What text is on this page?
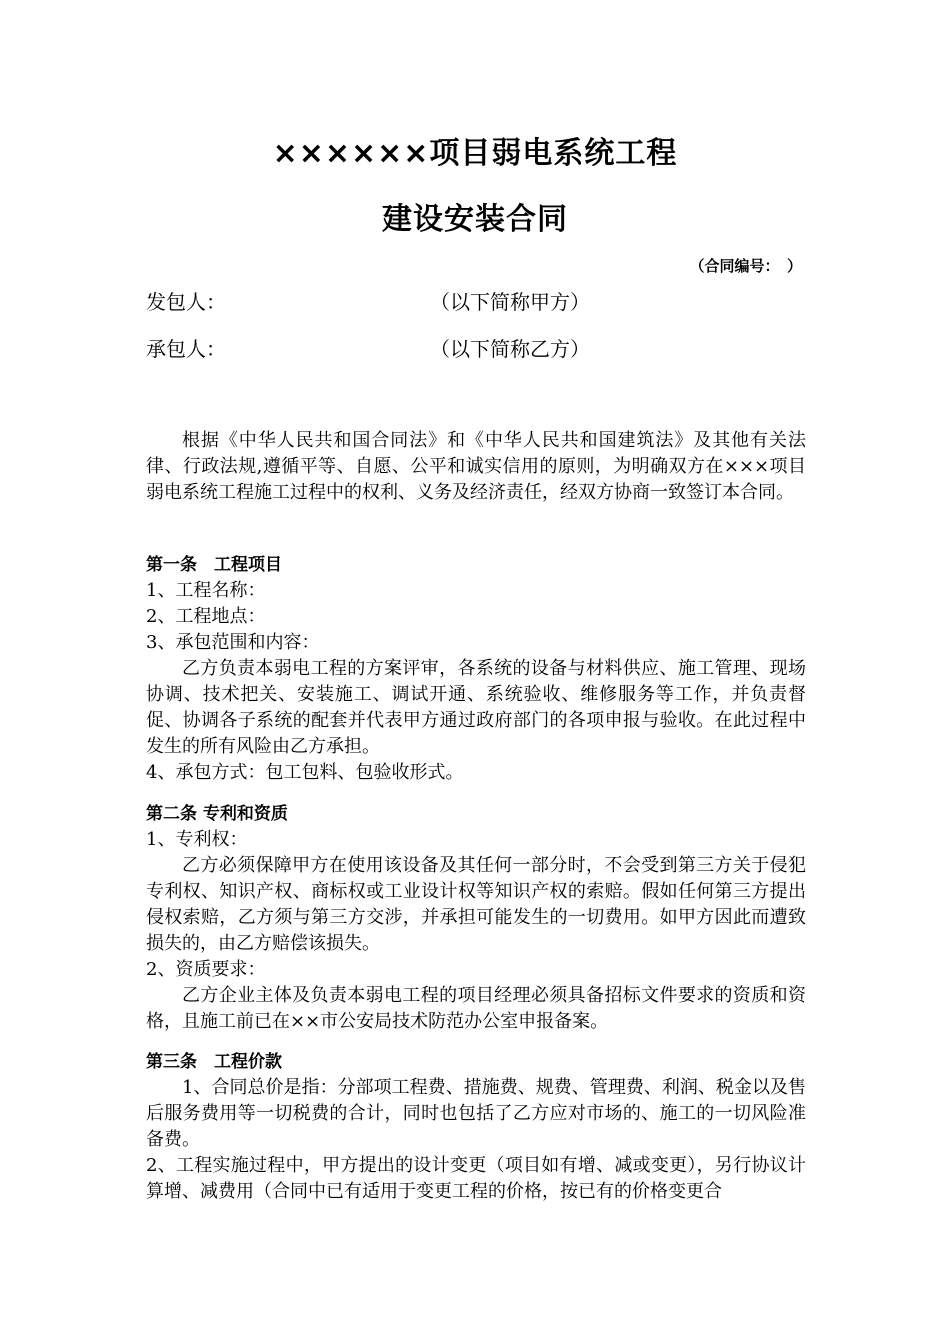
××××××项目弱电系统工程
建设安装合同
（合同编号：　）
发包人：	（以下简称甲方）
承包人：	（以下简称乙方）

根据《中华人民共和国合同法》和《中华人民共和国建筑法》及其他有关法律、行政法规,遵循平等、自愿、公平和诚实信用的原则，为明确双方在×××项目弱电系统工程施工过程中的权利、义务及经济责任，经双方协商一致签订本合同。

第一条　工程项目

1、工程名称：

2、工程地点：

3、承包范围和内容：

乙方负责本弱电工程的方案评审，各系统的设备与材料供应、施工管理、现场协调、技术把关、安装施工、调试开通、系统验收、维修服务等工作，并负责督促、协调各子系统的配套并代表甲方通过政府部门的各项申报与验收。在此过程中发生的所有风险由乙方承担。

4、承包方式：包工包料、包验收形式。

第二条 专利和资质

1、专利权：

乙方必须保障甲方在使用该设备及其任何一部分时，不会受到第三方关于侵犯专利权、知识产权、商标权或工业设计权等知识产权的索赔。假如任何第三方提出侵权索赔，乙方须与第三方交涉，并承担可能发生的一切费用。如甲方因此而遭致损失的，由乙方赔偿该损失。

2、资质要求：

乙方企业主体及负责本弱电工程的项目经理必须具备招标文件要求的资质和资格，且施工前已在××市公安局技术防范办公室申报备案。

第三条　工程价款

1、合同总价是指：分部项工程费、措施费、规费、管理费、利润、税金以及售后服务费用等一切税费的合计，同时也包括了乙方应对市场的、施工的一切风险准备费。

2、工程实施过程中，甲方提出的设计变更（项目如有增、减或变更），另行协议计算增、减费用（合同中已有适用于变更工程的价格，按已有的价格变更合
